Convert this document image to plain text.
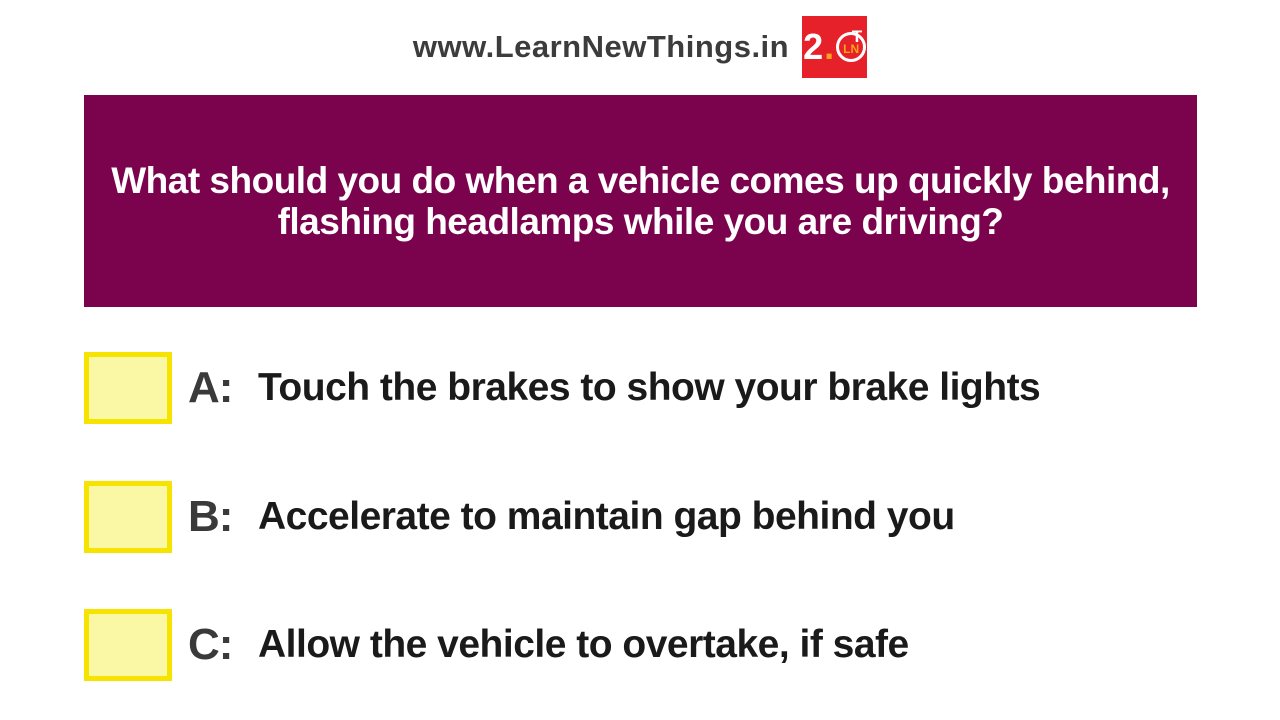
www.LearnNewThings.in 2 . LN
T
What should you do when a vehicle comes up quickly behind,
flashing headlamps while you are driving?
A: Touch the brakes to show your brake lights
B: Accelerate to maintain gap behind you
C: Allow the vehicle to overtake, if safe
